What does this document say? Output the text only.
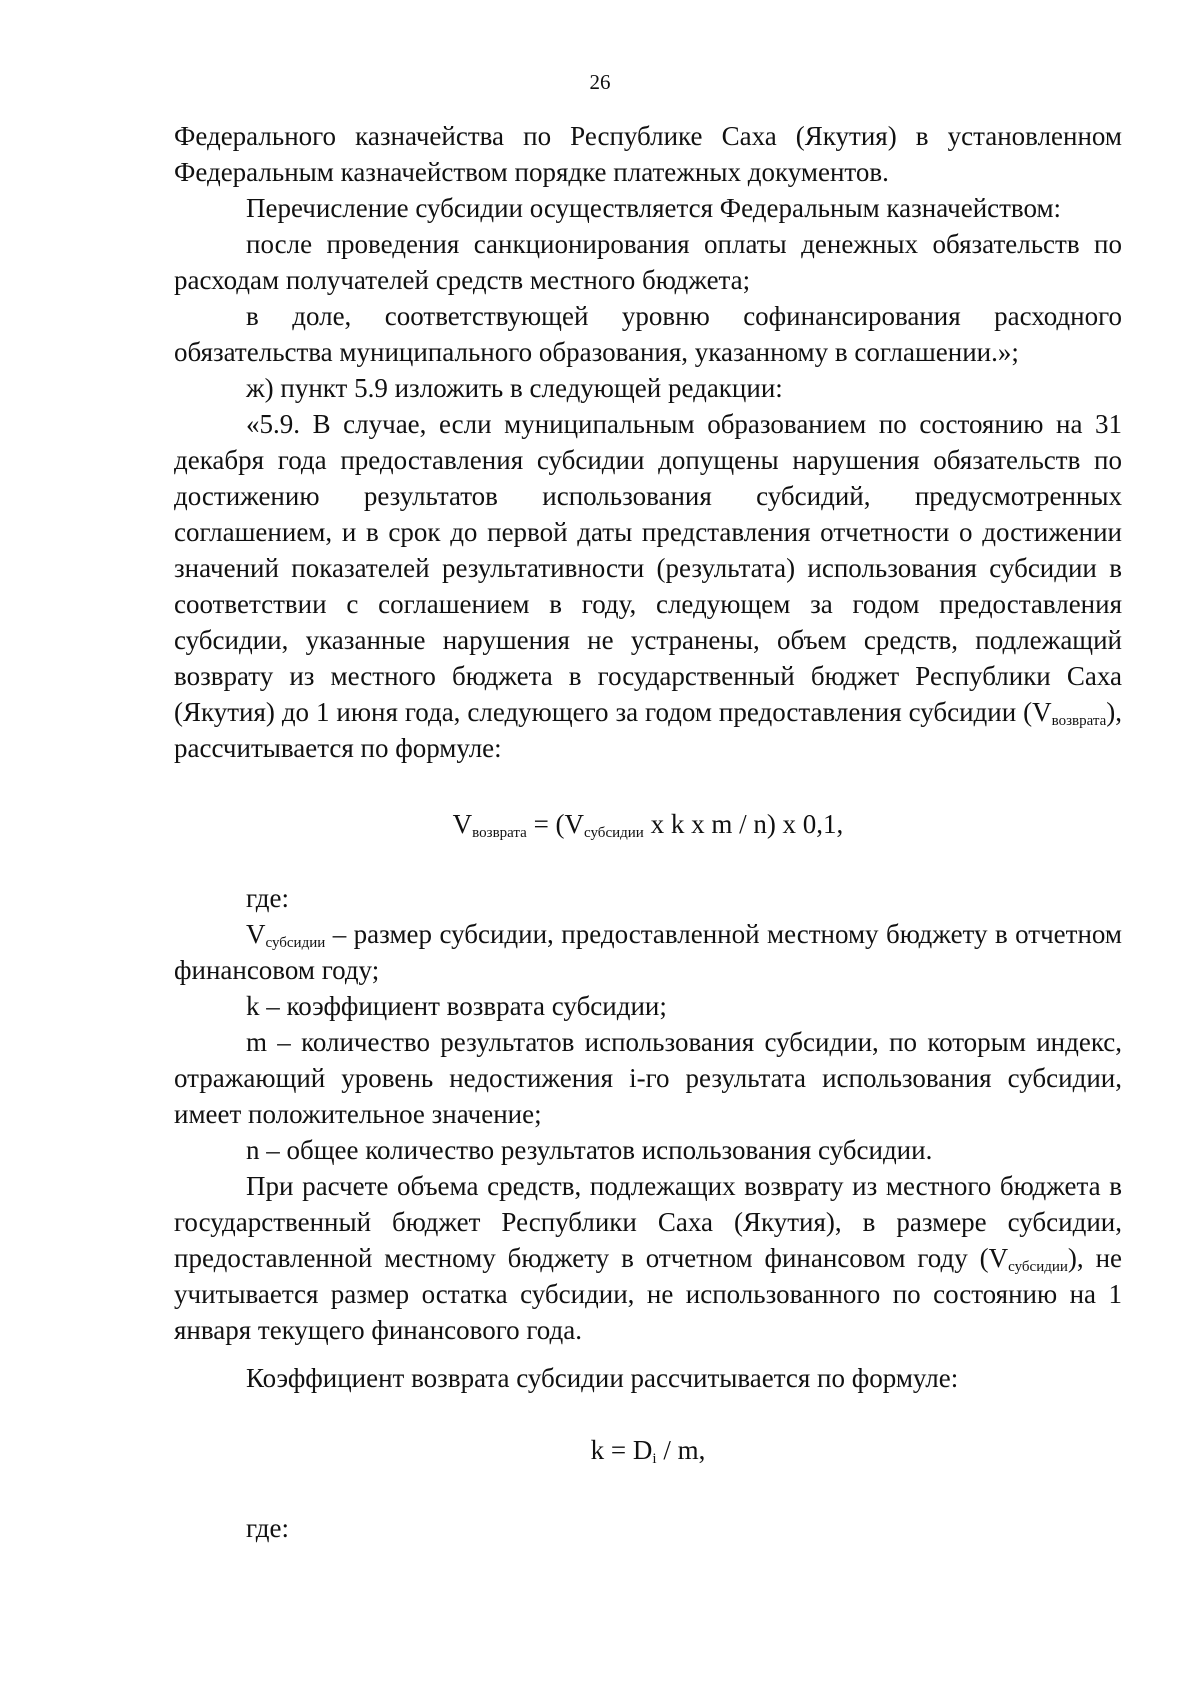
26

Федерального казначейства по Республике Саха (Якутия) в установленном Федеральным казначейством порядке платежных документов.

Перечисление субсидии осуществляется Федеральным казначейством:

после проведения санкционирования оплаты денежных обязательств по расходам получателей средств местного бюджета;

в доле, соответствующей уровню софинансирования расходного обязательства муниципального образования, указанному в соглашении.»;

ж) пункт 5.9 изложить в следующей редакции:

«5.9. В случае, если муниципальным образованием по состоянию на 31 декабря года предоставления субсидии допущены нарушения обязательств по достижению результатов использования субсидий, предусмотренных соглашением, и в срок до первой даты представления отчетности о достижении значений показателей результативности (результата) использования субсидии в соответствии с соглашением в году, следующем за годом предоставления субсидии, указанные нарушения не устранены, объем средств, подлежащий возврату из местного бюджета в государственный бюджет Республики Саха (Якутия) до 1 июня года, следующего за годом предоставления субсидии (Vвозврата), рассчитывается по формуле:

Vвозврата = (Vсубсидии x k x m / n) x 0,1,

где:

Vсубсидии – размер субсидии, предоставленной местному бюджету в отчетном финансовом году;

k – коэффициент возврата субсидии;

m – количество результатов использования субсидии, по которым индекс, отражающий уровень недостижения i-го результата использования субсидии, имеет положительное значение;

n – общее количество результатов использования субсидии.

При расчете объема средств, подлежащих возврату из местного бюджета в государственный бюджет Республики Саха (Якутия), в размере субсидии, предоставленной местному бюджету в отчетном финансовом году (Vсубсидии), не учитывается размер остатка субсидии, не использованного по состоянию на 1 января текущего финансового года.

Коэффициент возврата субсидии рассчитывается по формуле:

k = Di / m,

где:
